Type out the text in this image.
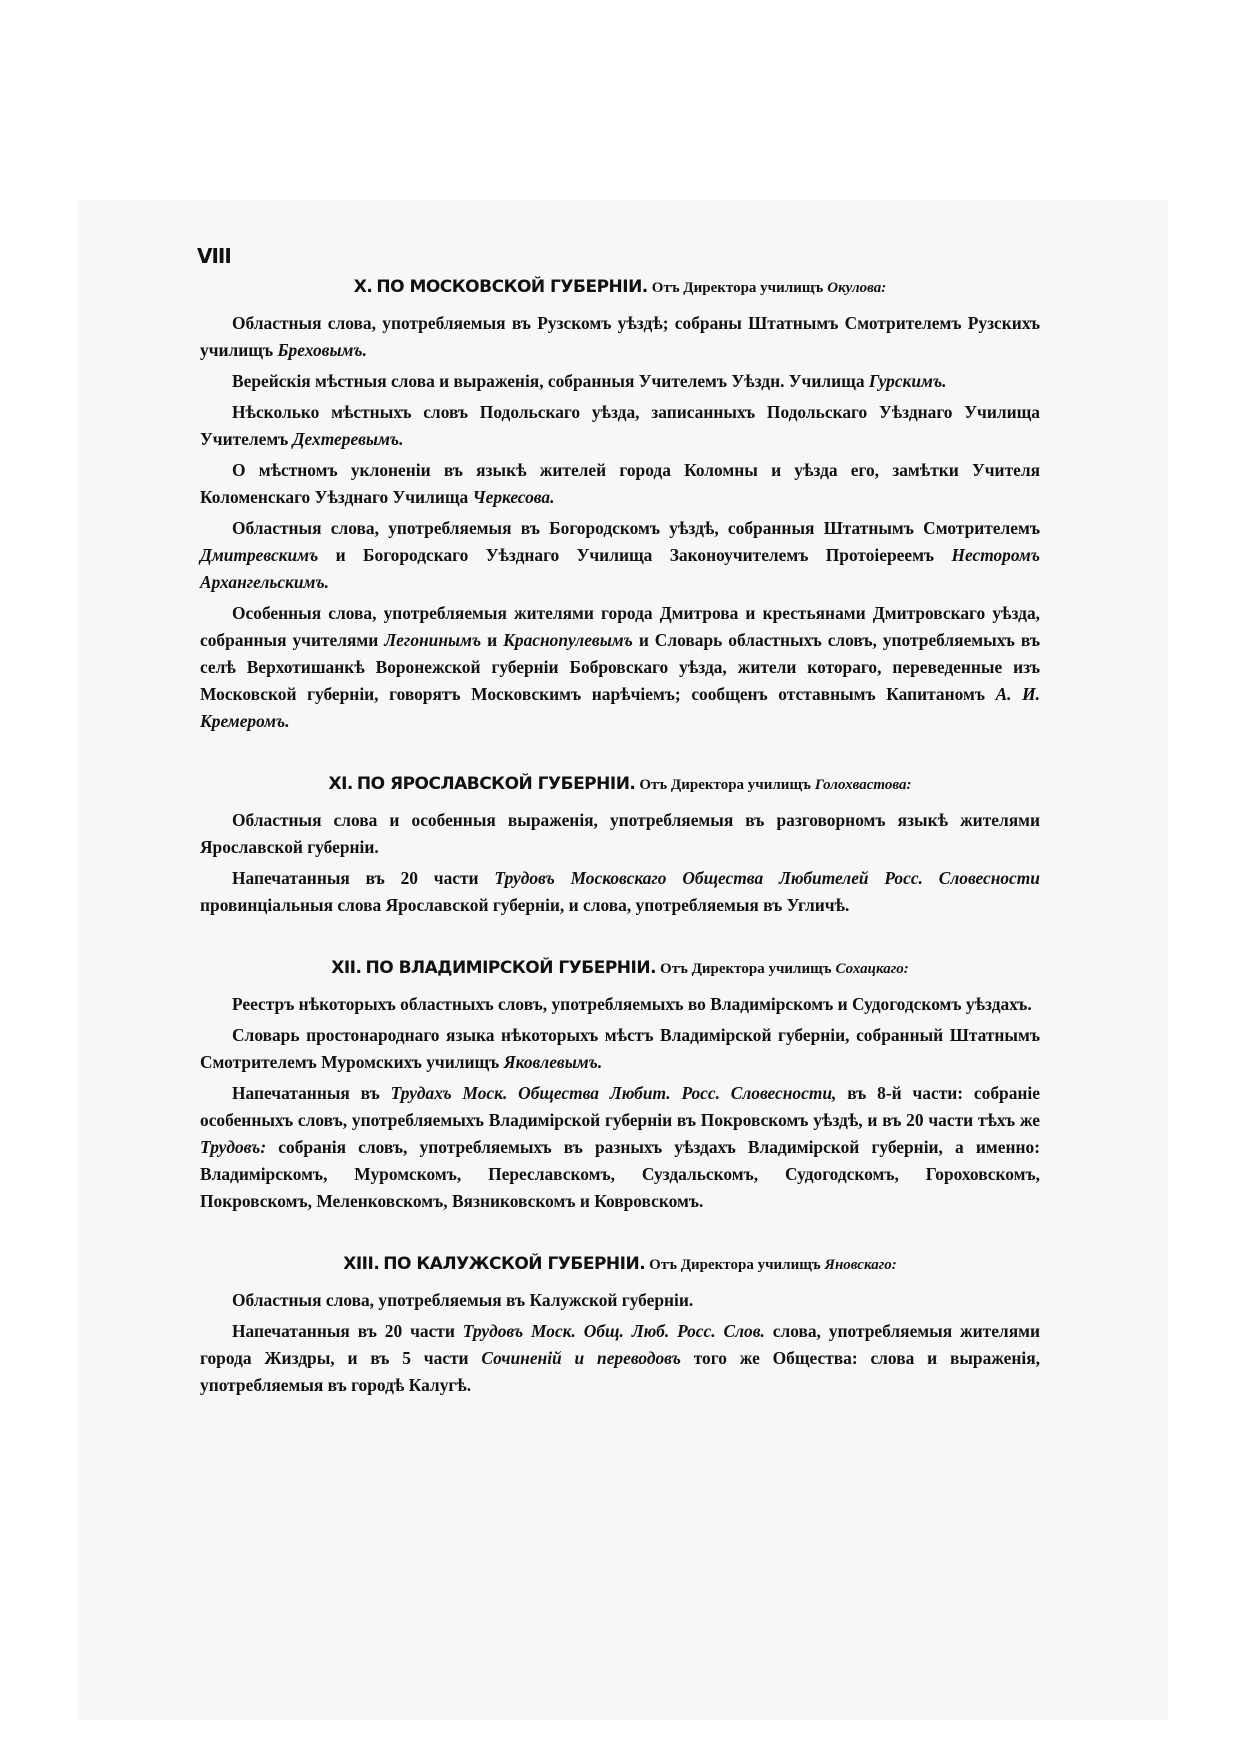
VIII
X. ПО МОСКОВСКОЙ ГУБЕРНІИ. Отъ Директора училищъ Окулова:

Областныя слова, употребляемыя въ Рузскомъ уѣздѣ; собраны Штатнымъ Смотрителемъ Рузскихъ училищъ Бреховымъ.

Верейскія мѣстныя слова и выраженія, собранныя Учителемъ Уѣздн. Училища Гурскимъ.

Нѣсколько мѣстныхъ словъ Подольскаго уѣзда, записанныхъ Подольскаго Уѣзднаго Училища Учителемъ Дехтеревымъ.

О мѣстномъ уклоненіи въ языкѣ жителей города Коломны и уѣзда его, замѣтки Учителя Коломенскаго Уѣзднаго Училища Черкесова.

Областныя слова, употребляемыя въ Богородскомъ уѣздѣ, собранныя Штатнымъ Смотрителемъ Дмитревскимъ и Богородскаго Уѣзднаго Училища Законоучителемъ Протоіереемъ Несторомъ Архангельскимъ.

Особенныя слова, употребляемыя жителями города Дмитрова и крестьянами Дмитровскаго уѣзда, собранныя учителями Легонинымъ и Краснопулевымъ и Словарь областныхъ словъ, употребляемыхъ въ селѣ Верхотишанкѣ Воронежской губерніи Бобровскаго уѣзда, жители котораго, переведенные изъ Московской губерніи, говорятъ Московскимъ нарѣчіемъ; сообщенъ отставнымъ Капитаномъ А. И. Кремеромъ.

XI. ПО ЯРОСЛАВСКОЙ ГУБЕРНІИ. Отъ Директора училищъ Голохвастова:

Областныя слова и особенныя выраженія, употребляемыя въ разговорномъ языкѣ жителями Ярославской губерніи.

Напечатанныя въ 20 части Трудовъ Московскаго Общества Любителей Росс. Словесности провинціальныя слова Ярославской губерніи, и слова, употребляемыя въ Угличѣ.

XII. ПО ВЛАДИМІРСКОЙ ГУБЕРНІИ. Отъ Директора училищъ Сохацкаго:

Реестръ нѣкоторыхъ областныхъ словъ, употребляемыхъ во Владимірскомъ и Судогодскомъ уѣздахъ.

Словарь простонароднаго языка нѣкоторыхъ мѣстъ Владимірской губерніи, собранный Штатнымъ Смотрителемъ Муромскихъ училищъ Яковлевымъ.

Напечатанныя въ Трудахъ Моск. Общества Любит. Росс. Словесности, въ 8-й части: собраніе особенныхъ словъ, употребляемыхъ Владимірской губерніи въ Покровскомъ уѣздѣ, и въ 20 части тѣхъ же Трудовъ: собранія словъ, употребляемыхъ въ разныхъ уѣздахъ Владимірской губерніи, а именно: Владимірскомъ, Муромскомъ, Переславскомъ, Суздальскомъ, Судогодскомъ, Гороховскомъ, Покровскомъ, Меленковскомъ, Вязниковскомъ и Ковровскомъ.

XIII. ПО КАЛУЖСКОЙ ГУБЕРНІИ. Отъ Директора училищъ Яновскаго:

Областныя слова, употребляемыя въ Калужской губерніи.

Напечатанныя въ 20 части Трудовъ Моск. Общ. Люб. Росс. Слов. слова, употребляемыя жителями города Жиздры, и въ 5 части Сочиненій и переводовъ того же Общества: слова и выраженія, употребляемыя въ городѣ Калугѣ.
